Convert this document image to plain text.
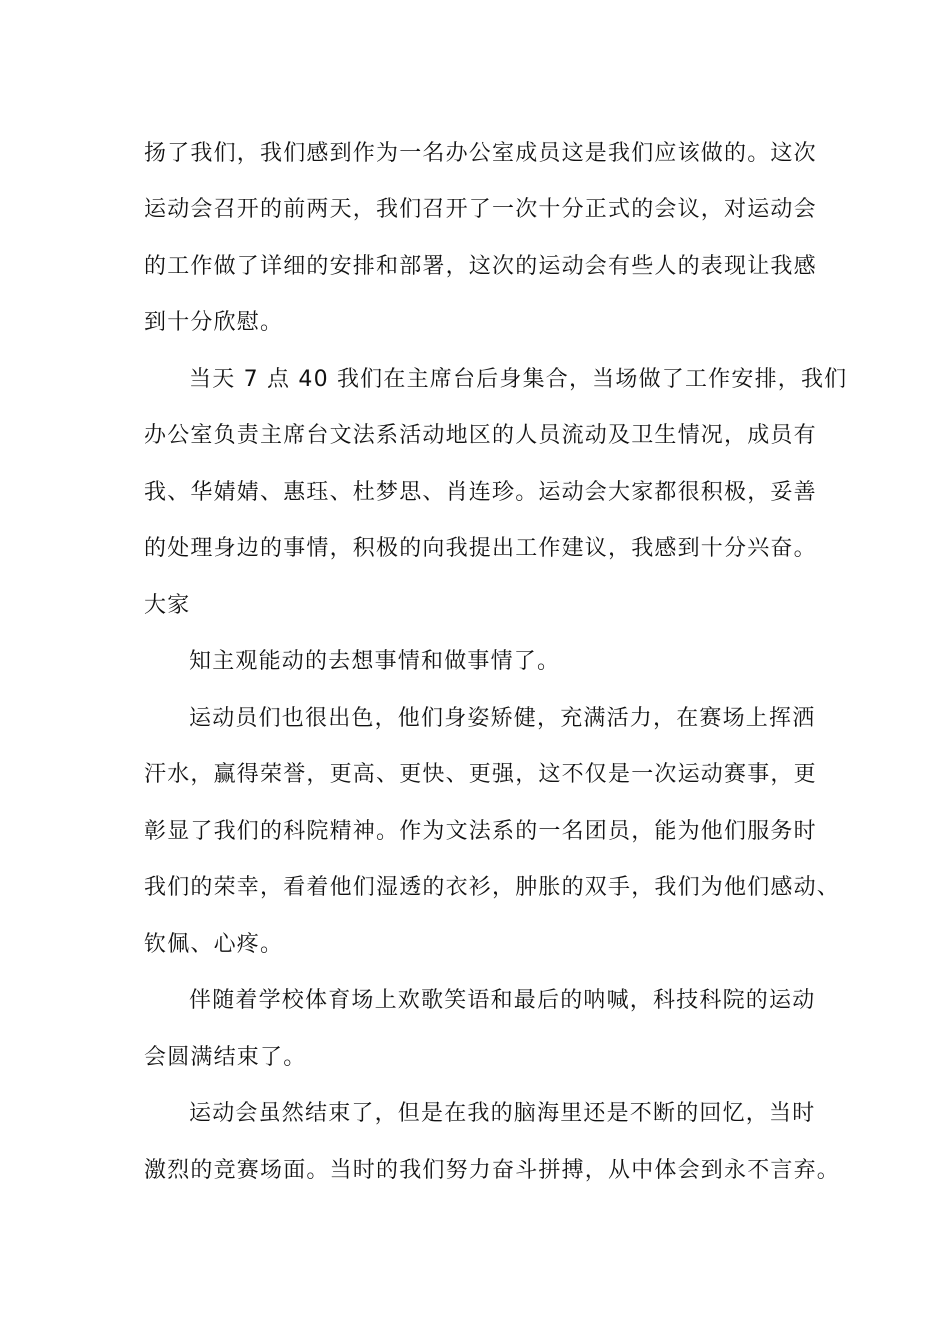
扬了我们，我们感到作为一名办公室成员这是我们应该做的。这次
运动会召开的前两天，我们召开了一次十分正式的会议，对运动会
的工作做了详细的安排和部署，这次的运动会有些人的表现让我感
到十分欣慰。
当天 7 点 40 我们在主席台后身集合，当场做了工作安排，我们
办公室负责主席台文法系活动地区的人员流动及卫生情况，成员有
我、华婧婧、惠珏、杜梦思、肖连珍。运动会大家都很积极，妥善
的处理身边的事情，积极的向我提出工作建议，我感到十分兴奋。
大家
知主观能动的去想事情和做事情了。
运动员们也很出色，他们身姿矫健，充满活力，在赛场上挥洒
汗水，赢得荣誉，更高、更快、更强，这不仅是一次运动赛事，更
彰显了我们的科院精神。作为文法系的一名团员，能为他们服务时
我们的荣幸，看着他们湿透的衣衫，肿胀的双手，我们为他们感动、
钦佩、心疼。
伴随着学校体育场上欢歌笑语和最后的呐喊，科技科院的运动
会圆满结束了。
运动会虽然结束了，但是在我的脑海里还是不断的回忆，当时
激烈的竞赛场面。当时的我们努力奋斗拼搏，从中体会到永不言弃。
